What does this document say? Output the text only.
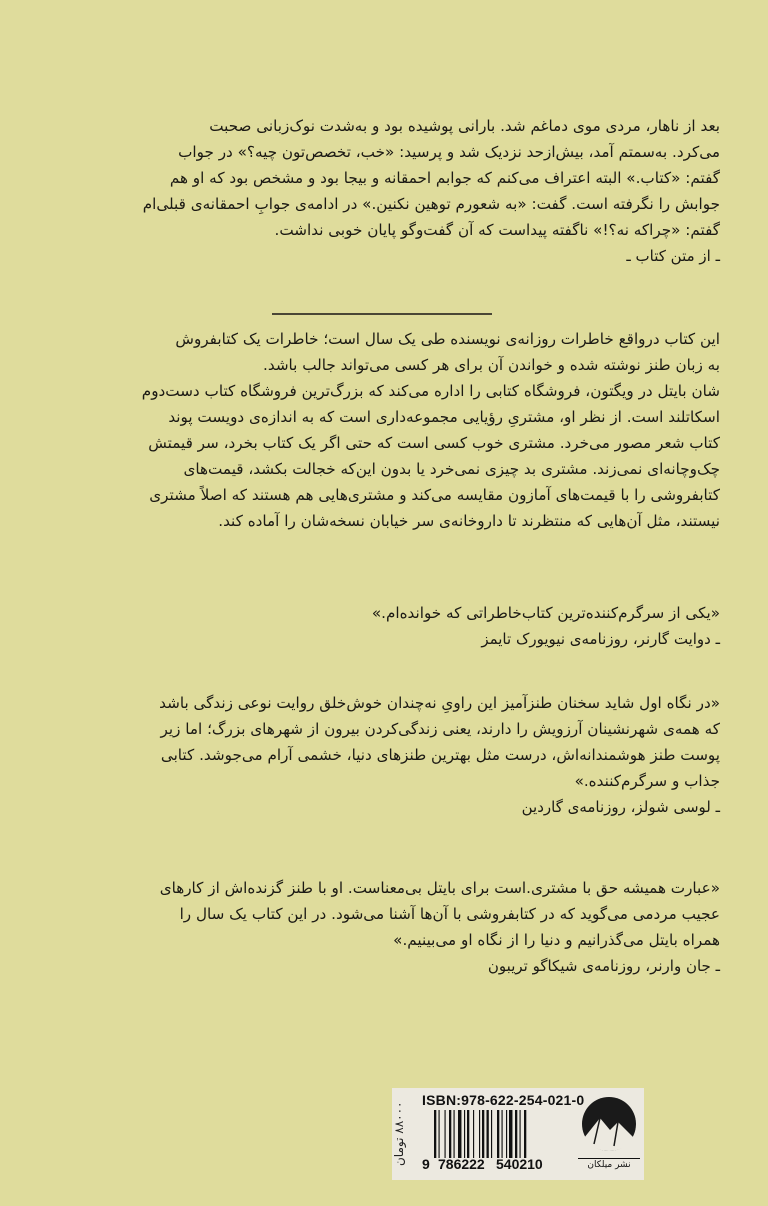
بعد از ناهار، مردی موی دماغم شد. بارانی پوشیده بود و به‌شدت نوک‌زبانی صحبت

می‌کرد. به‌سمتم آمد، بیش‌ازحد نزدیک شد و پرسید: «خب، تخصص‌تون چیه؟» در جواب

گفتم: «کتاب.» البته اعتراف می‌کنم که جوابم احمقانه و بیجا بود و مشخص بود که او هم

جوابش را نگرفته است. گفت: «به شعورم توهین نکنین.» در ادامه‌ی جوابِ احمقانه‌ی قبلی‌ام

گفتم: «چراکه نه؟!» ناگفته پیداست که آن گفت‌وگو پایان خوبی نداشت.

ـ از متن کتاب ـ

این کتاب درواقع خاطرات روزانه‌ی نویسنده طی یک سال است؛ خاطرات یک کتابفروش

به زبان طنز نوشته شده و خواندن آن برای هر کسی می‌تواند جالب باشد.

شان بایتل در ویگتون، فروشگاه کتابی را اداره می‌کند که بزرگ‌ترین فروشگاه کتاب دست‌دوم

اسکاتلند است. از نظر او، مشتریِ رؤیایی مجموعه‌داری است که به اندازه‌ی دویست پوند

کتاب شعر مصور می‌خرد. مشتری خوب کسی است که حتی اگر یک کتاب بخرد، سر قیمتش

چک‌وچانه‌ای نمی‌زند. مشتری بد چیزی نمی‌خرد یا بدون این‌که خجالت بکشد، قیمت‌های

کتابفروشی را با قیمت‌های آمازون مقایسه می‌کند و مشتری‌هایی هم هستند که اصلاً مشتری

نیستند، مثل آن‌هایی که منتظرند تا داروخانه‌ی سر خیابان نسخه‌شان را آماده کند.

«یکی از سرگرم‌کننده‌ترین کتاب‌خاطراتی که خوانده‌ام.»

ـ دوایت گارنر، روزنامه‌ی نیویورک تایمز

«در نگاه اول شاید سخنان طنزآمیز این راویِ نه‌چندان خوش‌خلق روایت نوعی زندگی باشد

که همه‌ی شهرنشینان آرزویش را دارند، یعنی زندگی‌کردن بیرون از شهرهای بزرگ؛ اما زیر

پوست طنز هوشمندانه‌اش، درست مثل بهترین طنزهای دنیا، خشمی آرام می‌جوشد. کتابی

جذاب و سرگرم‌کننده.»

ـ لوسی شولز، روزنامه‌ی گاردین

«عبارت همیشه حق با مشتری.است برای بایتل بی‌معناست. او با طنز گزنده‌اش از کارهای

عجیب مردمی می‌گوید که در کتابفروشی با آن‌ها آشنا می‌شود. در این کتاب یک سال را

همراه بایتل می‌گذرانیم و دنیا را از نگاه او می‌بینیم.»

ـ جان وارنر، روزنامه‌ی شیکاگو تریبون
۸۸۰۰۰ تومان
ISBN:978-622-254-021-0
9 786222 540210	نشر میلکان
